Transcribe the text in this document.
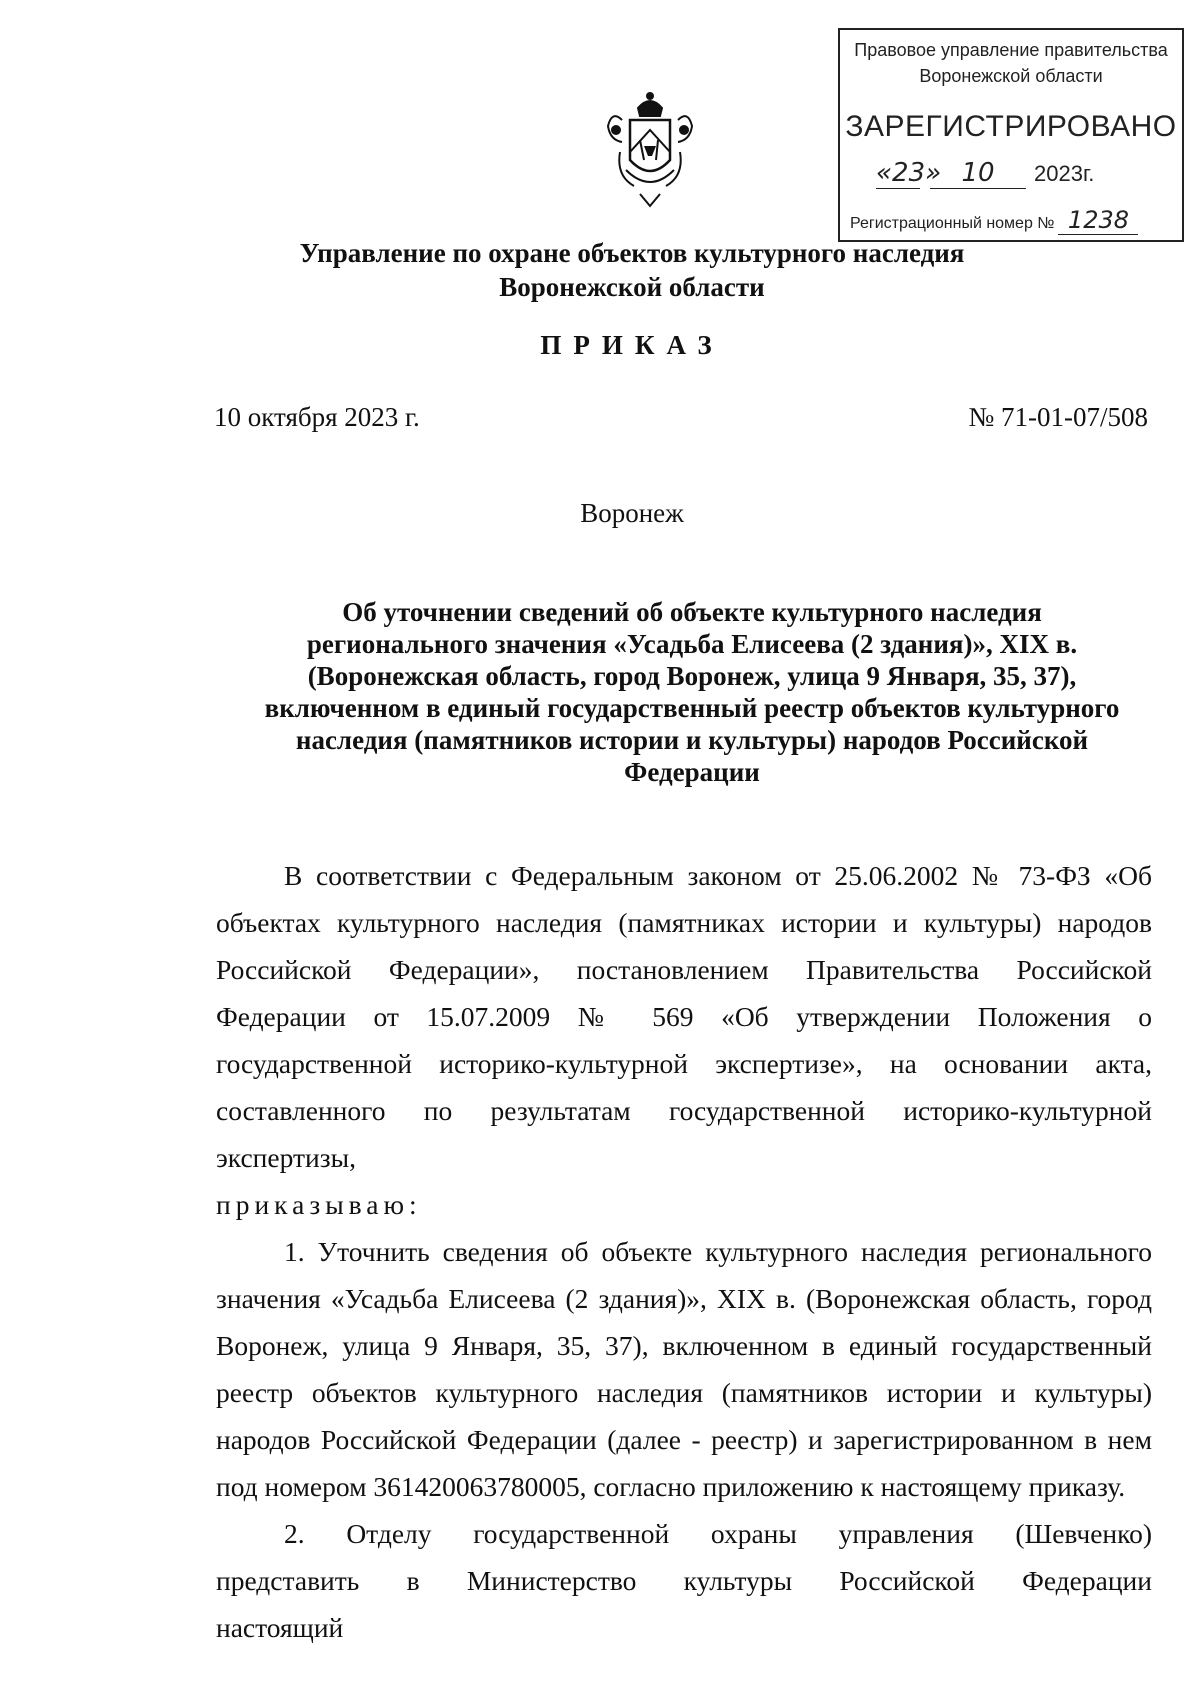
Правовое управление правительства
Воронежской области
ЗАРЕГИСТРИРОВАНО
«23» 10 2023г.
Регистрационный номер № 1238
Управление по охране объектов культурного наследия
Воронежской области
ПРИКАЗ
10 октября 2023 г.	№ 71-01-07/508
Воронеж
Об уточнении сведений об объекте культурного наследия
регионального значения «Усадьба Елисеева (2 здания)», XIX в.
(Воронежская область, город Воронеж, улица 9 Января, 35, 37),
включенном в единый государственный реестр объектов культурного
наследия (памятников истории и культуры) народов Российской
Федерации

В соответствии с Федеральным законом от 25.06.2002 № 73-ФЗ «Об объектах культурного наследия (памятниках истории и культуры) народов Российской Федерации», постановлением Правительства Российской Федерации от 15.07.2009 № 569 «Об утверждении Положения о государственной историко-культурной экспертизе», на основании акта, составленного по результатам государственной историко-культурной экспертизы,

приказываю:

1. Уточнить сведения об объекте культурного наследия регионального значения «Усадьба Елисеева (2 здания)», XIX в. (Воронежская область, город Воронеж, улица 9 Января, 35, 37), включенном в единый государственный реестр объектов культурного наследия (памятников истории и культуры) народов Российской Федерации (далее - реестр) и зарегистрированном в нем под номером 361420063780005, согласно приложению к настоящему приказу.

2. Отделу государственной охраны управления (Шевченко) представить в Министерство культуры Российской Федерации настоящий
